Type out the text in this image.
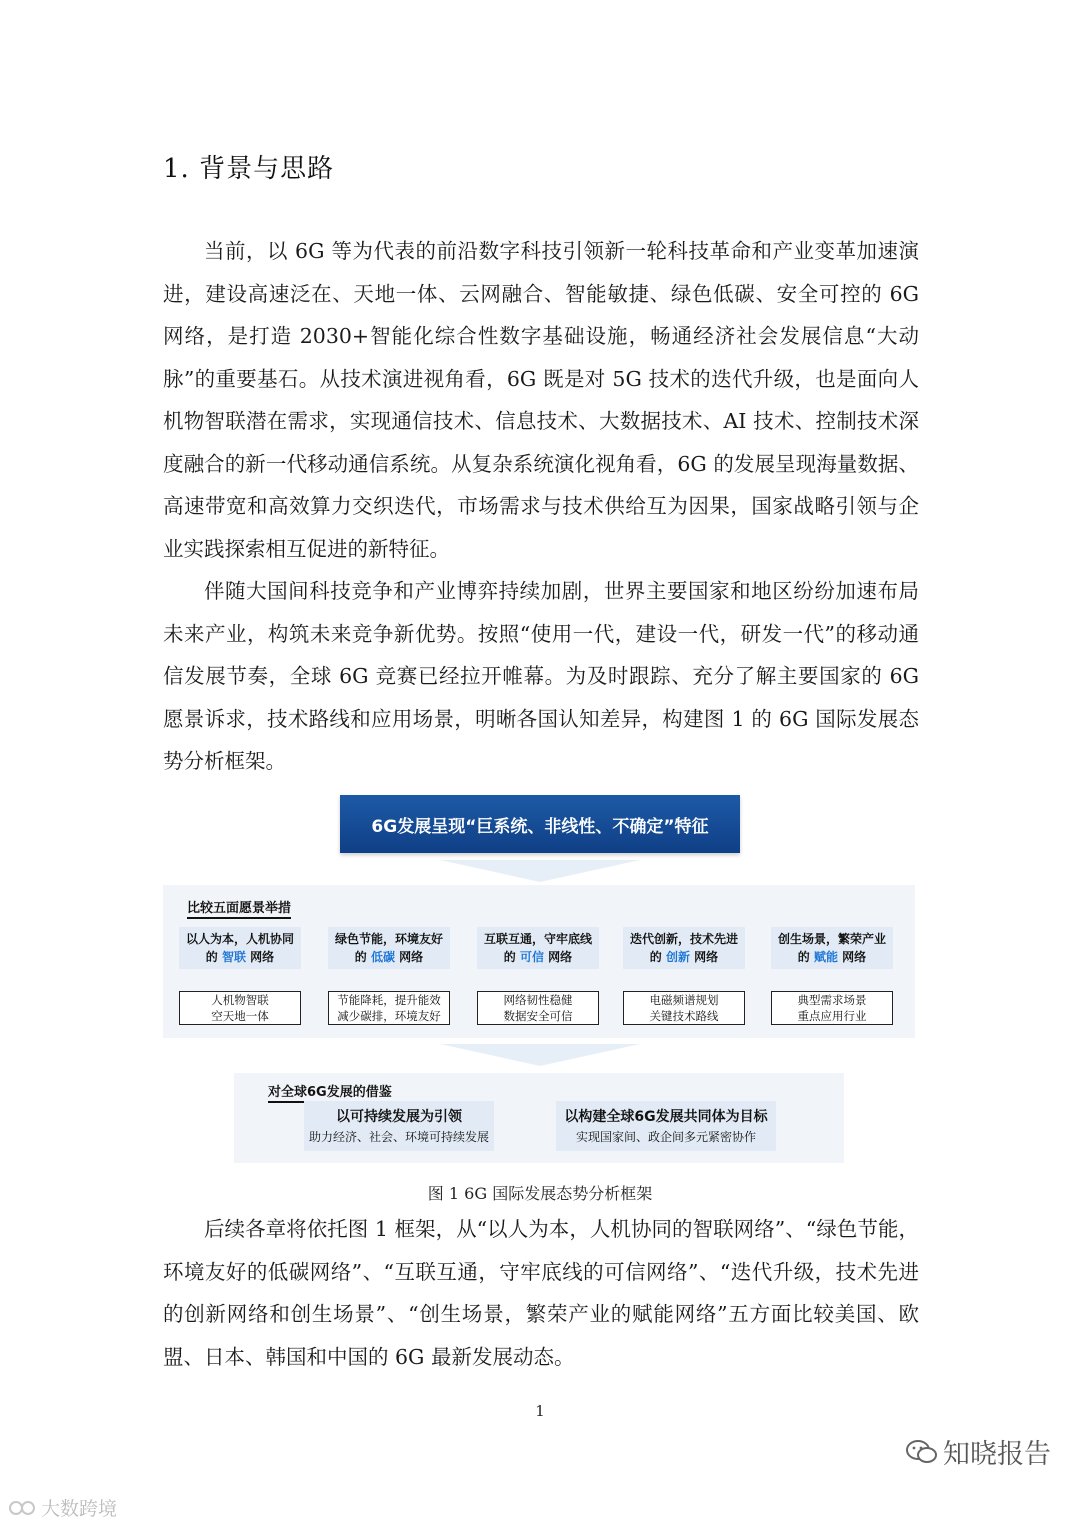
1. 背景与思路

当前，以 6G 等为代表的前沿数字科技引领新一轮科技革命和产业变革加速演进，建设高速泛在、天地一体、云网融合、智能敏捷、绿色低碳、安全可控的 6G 网络，是打造 2030+智能化综合性数字基础设施，畅通经济社会发展信息“大动脉”的重要基石。从技术演进视角看，6G 既是对 5G 技术的迭代升级，也是面向人机物智联潜在需求，实现通信技术、信息技术、大数据技术、AI 技术、控制技术深度融合的新一代移动通信系统。从复杂系统演化视角看，6G 的发展呈现海量数据、高速带宽和高效算力交织迭代，市场需求与技术供给互为因果，国家战略引领与企业实践探索相互促进的新特征。

伴随大国间科技竞争和产业博弈持续加剧，世界主要国家和地区纷纷加速布局未来产业，构筑未来竞争新优势。按照“使用一代，建设一代，研发一代”的移动通信发展节奏，全球 6G 竞赛已经拉开帷幕。为及时跟踪、充分了解主要国家的 6G 愿景诉求，技术路线和应用场景，明晰各国认知差异，构建图 1 的 6G 国际发展态势分析框架。

6G发展呈现“巨系统、非线性、不确定”特征
比较五面愿景举措
以人为本，人机协同
的 智联 网络
绿色节能，环境友好
的 低碳 网络
互联互通，守牢底线
的 可信 网络
迭代创新，技术先进
的 创新 网络
创生场景，繁荣产业
的 赋能 网络
人机物智联
空天地一体
节能降耗，提升能效
减少碳排，环境友好
网络韧性稳健
数据安全可信
电磁频谱规划
关键技术路线
典型需求场景
重点应用行业
对全球6G发展的借鉴
以可持续发展为引领
助力经济、社会、环境可持续发展
以构建全球6G发展共同体为目标
实现国家间、政企间多元紧密协作
图 1 6G 国际发展态势分析框架

后续各章将依托图 1 框架，从“以人为本，人机协同的智联网络”、“绿色节能，环境友好的低碳网络”、“互联互通，守牢底线的可信网络”、“迭代升级，技术先进的创新网络和创生场景”、“创生场景，繁荣产业的赋能网络”五方面比较美国、欧盟、日本、韩国和中国的 6G 最新发展动态。

1
知晓报告
大数跨境
